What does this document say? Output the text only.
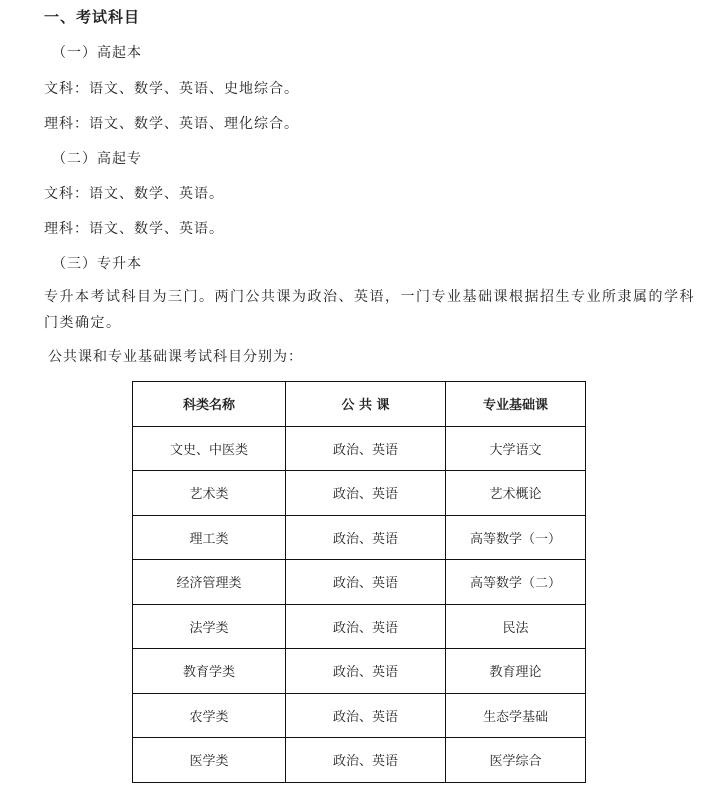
一、考试科目
（一）高起本
文科：语文、数学、英语、史地综合。
理科：语文、数学、英语、理化综合。
（二）高起专
文科：语文、数学、英语。
理科：语文、数学、英语。
（三）专升本
专升本考试科目为三门。两门公共课为政治、英语，一门专业基础课根据招生专业所隶属的学科门类确定。
公共课和专业基础课考试科目分别为：
科类名称	公 共 课	专业基础课
文史、中医类	政治、英语	大学语文
艺术类	政治、英语	艺术概论
理工类	政治、英语	高等数学（一）
经济管理类	政治、英语	高等数学（二）
法学类	政治、英语	民法
教育学类	政治、英语	教育理论
农学类	政治、英语	生态学基础
医学类	政治、英语	医学综合
